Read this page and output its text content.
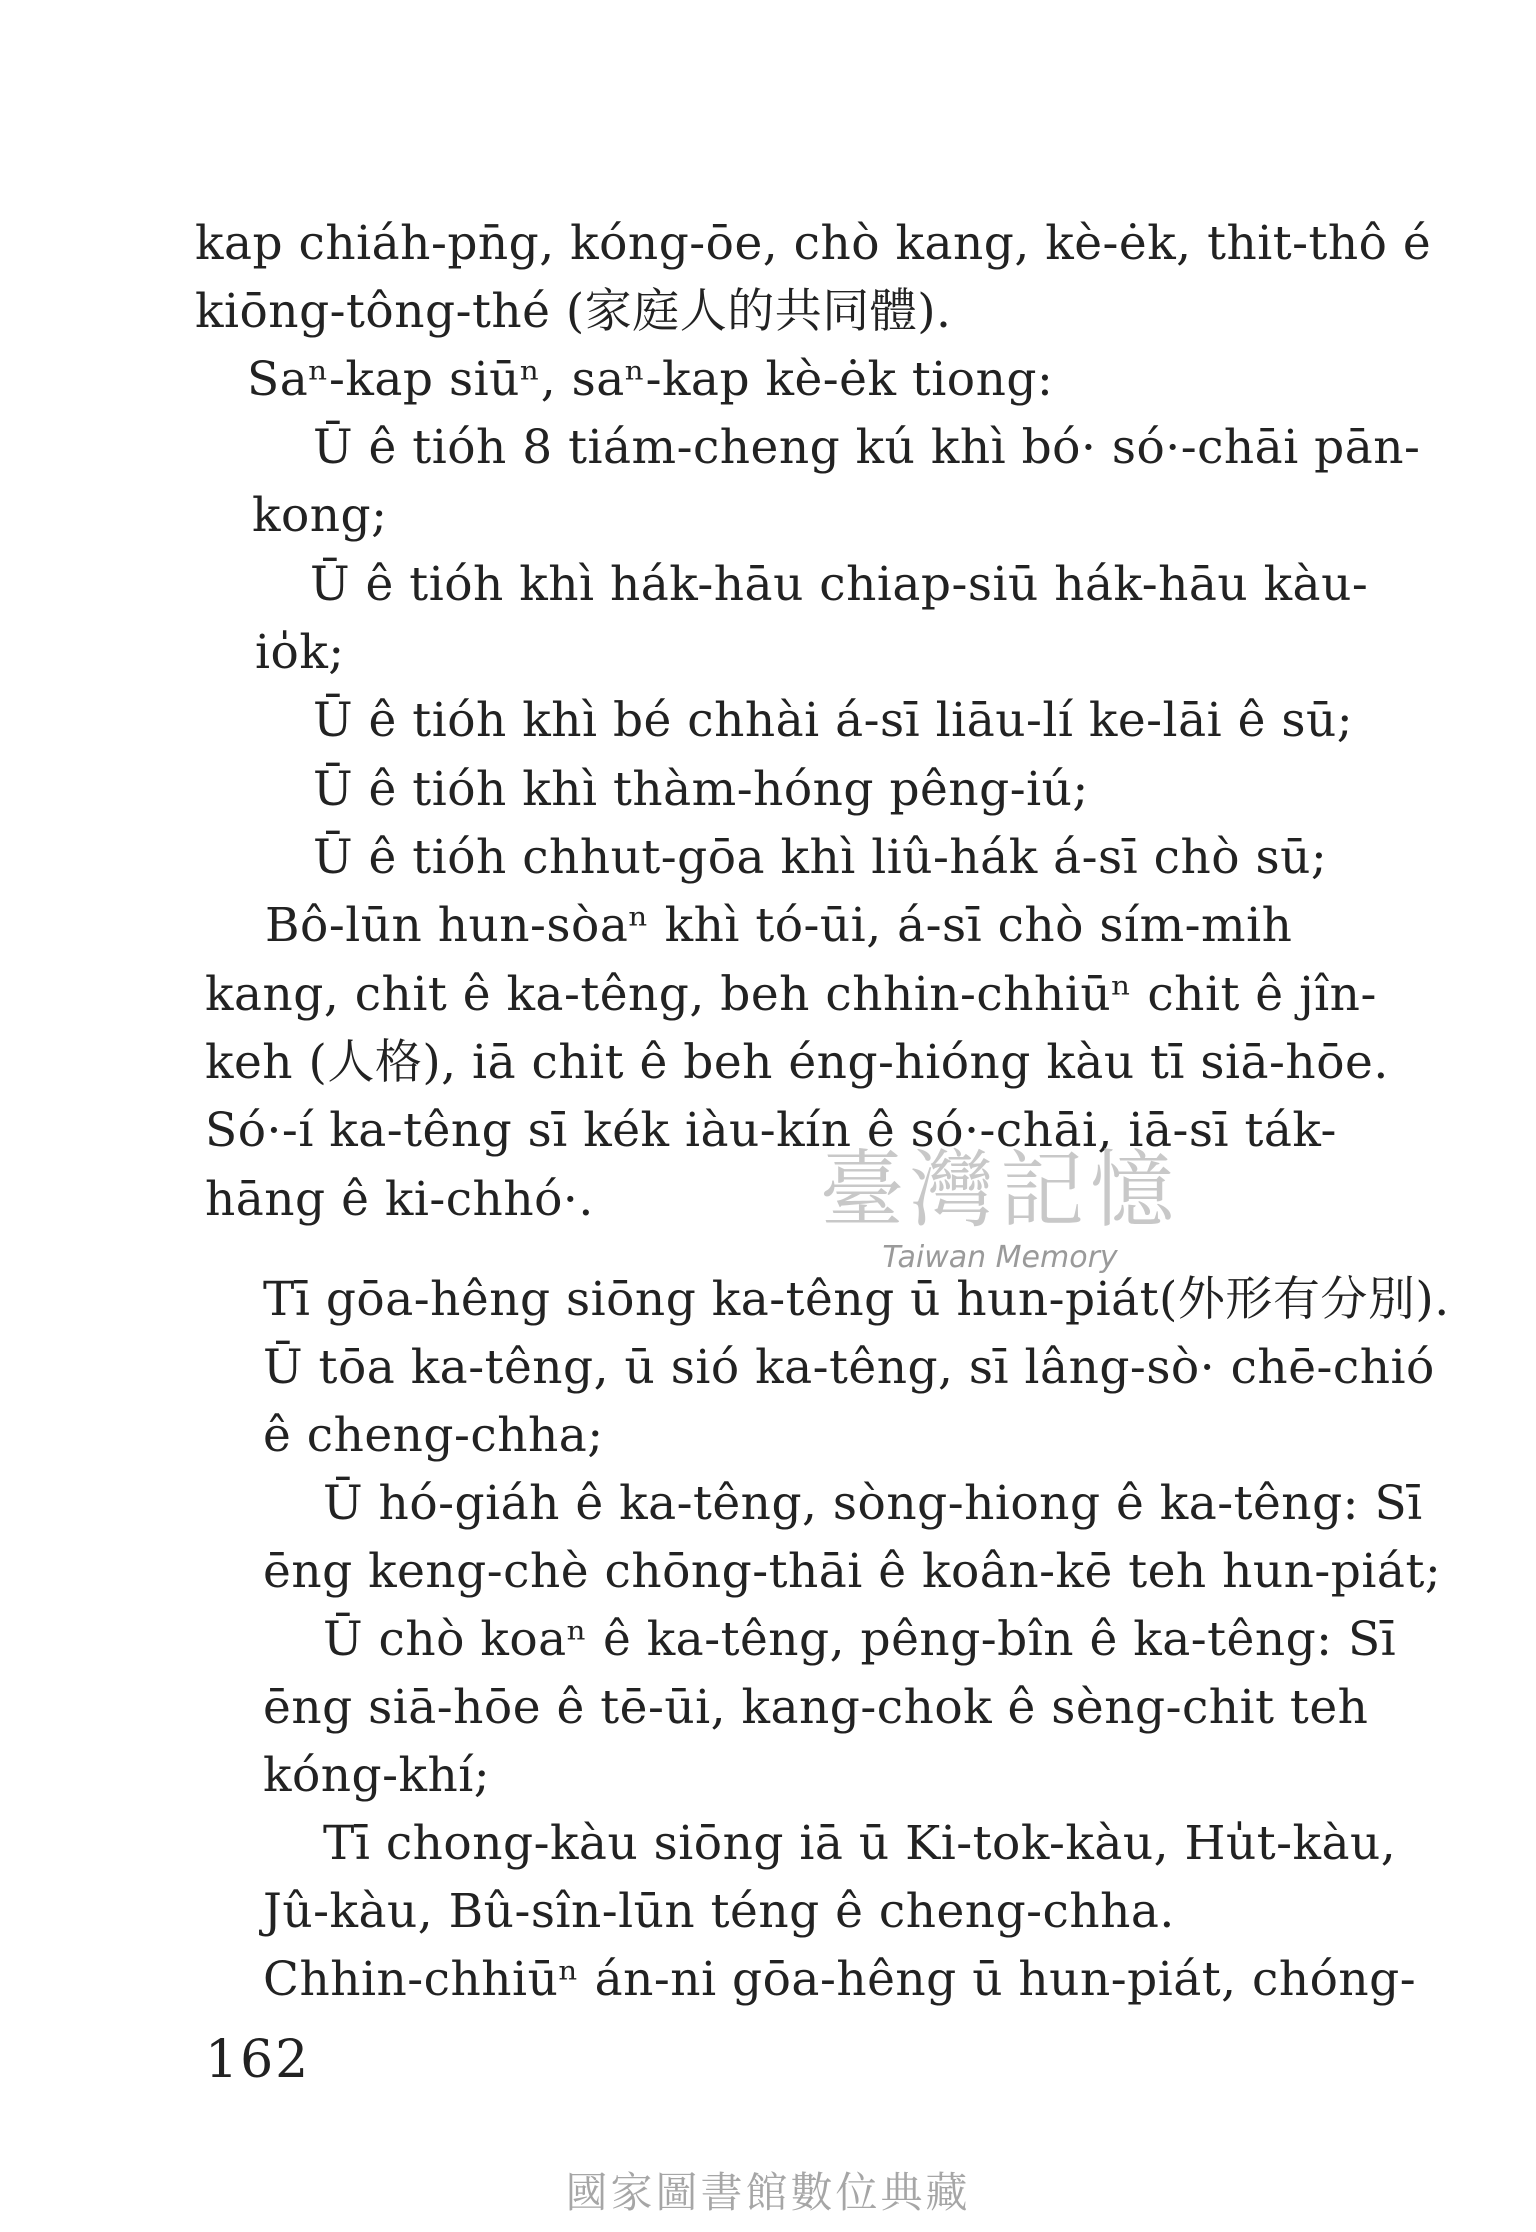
kap chiáh-pn̄g, kóng-ōe, chò kang, kè-ėk, thit-thô é
kiōng-tông-thé (家庭人的共同體).
Saⁿ-kap siūⁿ, saⁿ-kap kè-ėk tiong:
Ū ê tióh 8 tiám-cheng kú khì bó· só·-chāi pān-
kong;
Ū ê tióh khì hák-hāu chiap-siū hák-hāu kàu-
io̍k;
Ū ê tióh khì bé chhài á-sī liāu-lí ke-lāi ê sū;
Ū ê tióh khì thàm-hóng pêng-iú;
Ū ê tióh chhut-gōa khì liû-hák á-sī chò sū;
Bô-lūn hun-sòaⁿ khì tó-ūi, á-sī chò sím-mih
kang, chit ê ka-têng, beh chhin-chhiūⁿ chit ê jîn-
keh (人格), iā chit ê beh éng-hióng kàu tī siā-hōe.
Só·-í ka-têng sī kék iàu-kín ê só·-chāi, iā-sī ták-
hāng ê ki-chhó·.
Tī gōa-hêng siōng ka-têng ū hun-piát(外形有分別).
Ū tōa ka-têng, ū sió ka-têng, sī lâng-sò· chē-chió
ê cheng-chha;
Ū hó-giáh ê ka-têng, sòng-hiong ê ka-têng: Sī
ēng keng-chè chōng-thāi ê koân-kē teh hun-piát;
Ū chò koaⁿ ê ka-têng, pêng-bîn ê ka-têng: Sī
ēng siā-hōe ê tē-ūi, kang-chok ê sèng-chit teh
kóng-khí;
Tī chong-kàu siōng iā ū Ki-tok-kàu, Hu̍t-kàu,
Jû-kàu, Bû-sîn-lūn téng ê cheng-chha.
Chhin-chhiūⁿ án-ni gōa-hêng ū hun-piát, chóng-
162
臺灣記憶
Taiwan Memory
國家圖書館數位典藏
